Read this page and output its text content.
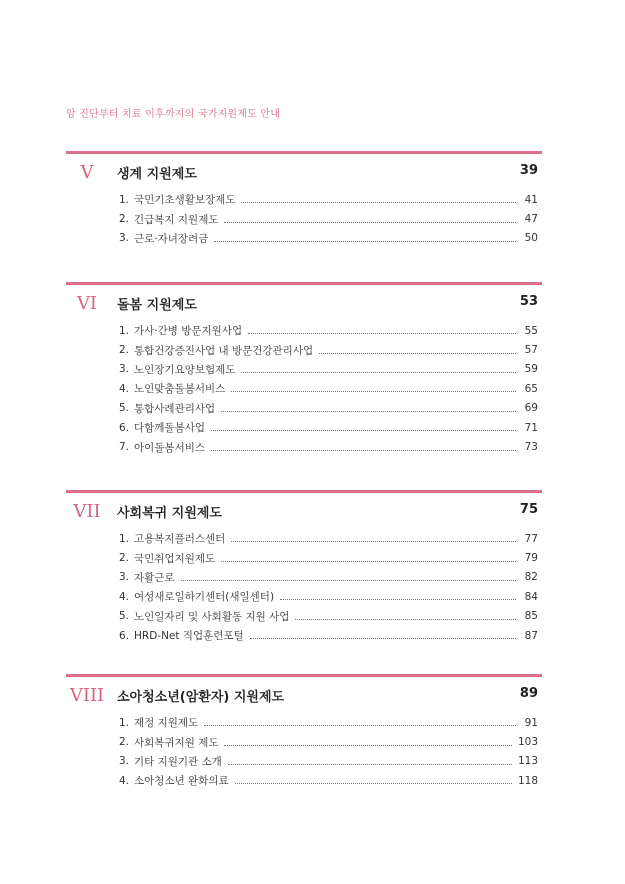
암 진단부터 치료 이후까지의 국가지원제도 안내
V	생계 지원제도	39
1. 국민기초생활보장제도	41
2. 긴급복지 지원제도	47
3. 근로·자녀장려금	50
VI	돌봄 지원제도	53
1. 가사·간병 방문지원사업	55
2. 통합건강증진사업 내 방문건강관리사업	57
3. 노인장기요양보험제도	59
4. 노인맞춤돌봄서비스	65
5. 통합사례관리사업	69
6. 다함께돌봄사업	71
7. 아이돌봄서비스	73
VII	사회복귀 지원제도	75
1. 고용복지플러스센터	77
2. 국민취업지원제도	79
3. 자활근로	82
4. 여성새로일하기센터(새일센터)	84
5. 노인일자리 및 사회활동 지원 사업	85
6. HRD-Net 직업훈련포털	87
VIII 소아청소년(암환자) 지원제도	89
1. 재정 지원제도	91
2. 사회복귀지원 제도	103
3. 기타 지원기관 소개	113
4. 소아청소년 완화의료	118
